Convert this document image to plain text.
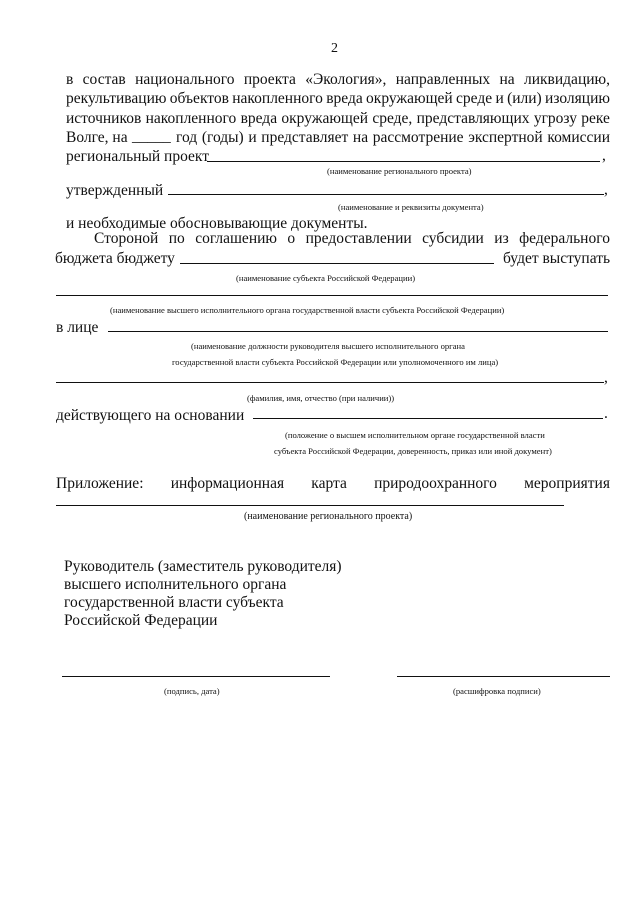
2
в состав национального проекта «Экология», направленных на ликвидацию,
рекультивацию объектов накопленного вреда окружающей среде и (или) изоляцию
источников накопленного вреда окружающей среде, представляющих угрозу реке
Волге, на _____ год (годы) и представляет на рассмотрение экспертной комиссии
региональный проект	,
(наименование регионального проекта)
утвержденный	,
(наименование и реквизиты документа)
и необходимые обосновывающие документы.
Стороной по соглашению о предоставлении субсидии из федерального
бюджета бюджету	будет выступать
(наименование субъекта Российской Федерации)
(наименование высшего исполнительного органа государственной власти субъекта Российской Федерации)
в лице
(наименование должности руководителя высшего исполнительного органа
государственной власти субъекта Российской Федерации или уполномоченного им лица)
,
(фамилия, имя, отчество (при наличии))
действующего на основании	.
(положение о высшем исполнительном органе государственной власти
субъекта Российской Федерации, доверенность, приказ или иной документ)
Приложение: информационная карта природоохранного мероприятия
(наименование регионального проекта)
Руководитель (заместитель руководителя)
высшего исполнительного органа
государственной власти субъекта
Российской Федерации
(подпись, дата)	(расшифровка подписи)
